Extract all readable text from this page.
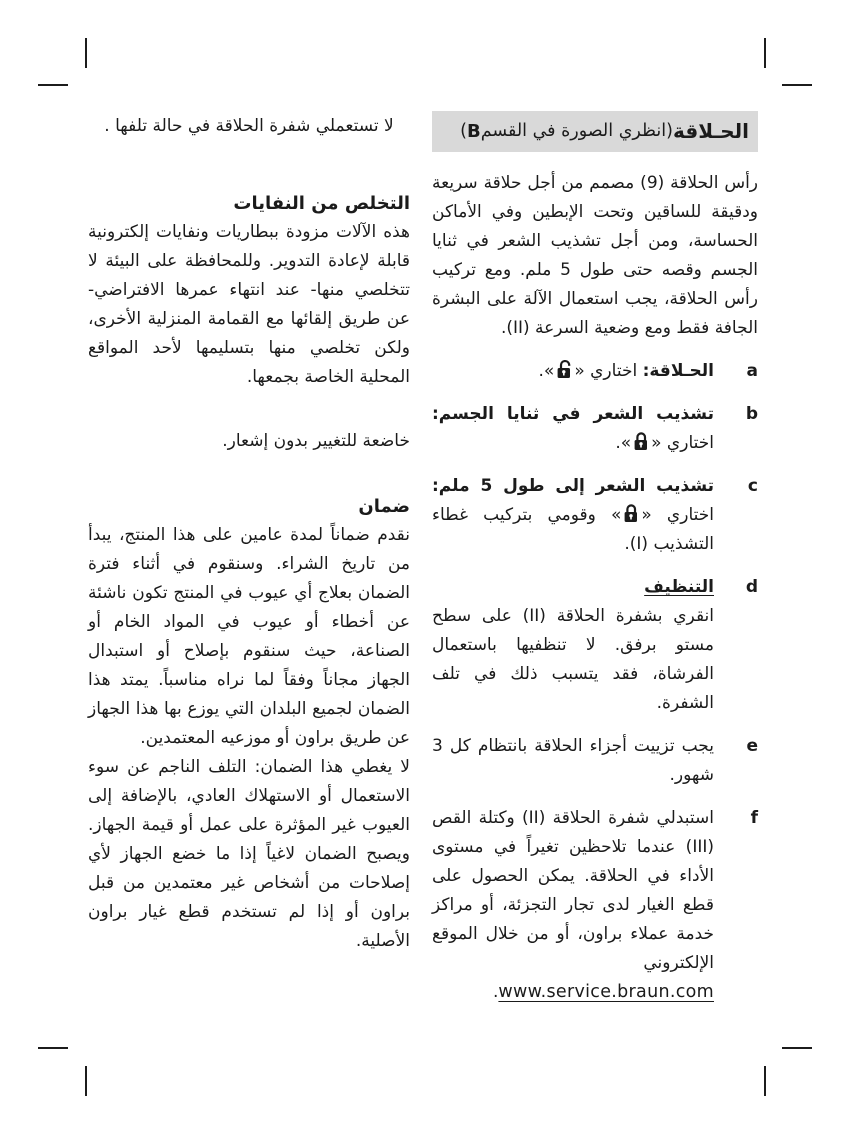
الحـلاقة
(انظري الصورة في القسم
B
)

رأس الحلاقة (9) مصمم من أجل حلاقة سريعة ودقيقة للساقين وتحت الإبطين وفي الأماكن الحساسة، ومن أجل تشذيب الشعر في ثنايا الجسم وقصه حتى طول 5 ملم. ومع تركيب رأس الحلاقة، يجب استعمال الآلة على البشرة الجافة فقط ومع وضعية السرعة (II).

a
الحـلاقة: اختاري «».
b
تشذيب الشعر في ثنايا الجسم: اختاري «».
c
تشذيب الشعر إلى طول 5 ملم: اختاري «» وقومي بتركيب غطاء التشذيب (I).
d
التنظيف

انقري بشفرة الحلاقة (II) على سطح مستو برفق. لا تنظفيها باستعمال الفرشاة، فقد يتسبب ذلك في تلف الشفرة.

e

يجب تزييت أجزاء الحلاقة بانتظام كل 3 شهور.

f

استبدلي شفرة الحلاقة (II) وكتلة القص (III) عندما تلاحظين تغيراً في مستوى الأداء في الحلاقة. يمكن الحصول على قطع الغيار لدى تجار التجزئة، أو مراكز خدمة عملاء براون، أو من خلال الموقع الإلكتروني www.service.braun.com.

لا تستعملي شفرة الحلاقة في حالة تلفها .

التخلص من النفايات

هذه الآلات مزودة ببطاريات ونفايات إلكترونية قابلة لإعادة التدوير. وللمحافظة على البيئة لا تتخلصي منها- عند انتهاء عمرها الافتراضي- عن طريق إلقائها مع القمامة المنزلية الأخرى، ولكن تخلصي منها بتسليمها لأحد المواقع المحلية الخاصة بجمعها.

خاضعة للتغيير بدون إشعار.

ضمان

نقدم ضماناً لمدة عامين على هذا المنتج، يبدأ من تاريخ الشراء. وسنقوم في أثناء فترة الضمان بعلاج أي عيوب في المنتج تكون ناشئة عن أخطاء أو عيوب في المواد الخام أو الصناعة، حيث سنقوم بإصلاح أو استبدال الجهاز مجاناً وفقاً لما نراه مناسباً. يمتد هذا الضمان لجميع البلدان التي يوزع بها هذا الجهاز عن طريق براون أو موزعيه المعتمدين.

لا يغطي هذا الضمان: التلف الناجم عن سوء الاستعمال أو الاستهلاك العادي، بالإضافة إلى العيوب غير المؤثرة على عمل أو قيمة الجهاز. ويصبح الضمان لاغياً إذا ما خضع الجهاز لأي إصلاحات من أشخاص غير معتمدين من قبل براون أو إذا لم تستخدم قطع غيار براون الأصلية.
